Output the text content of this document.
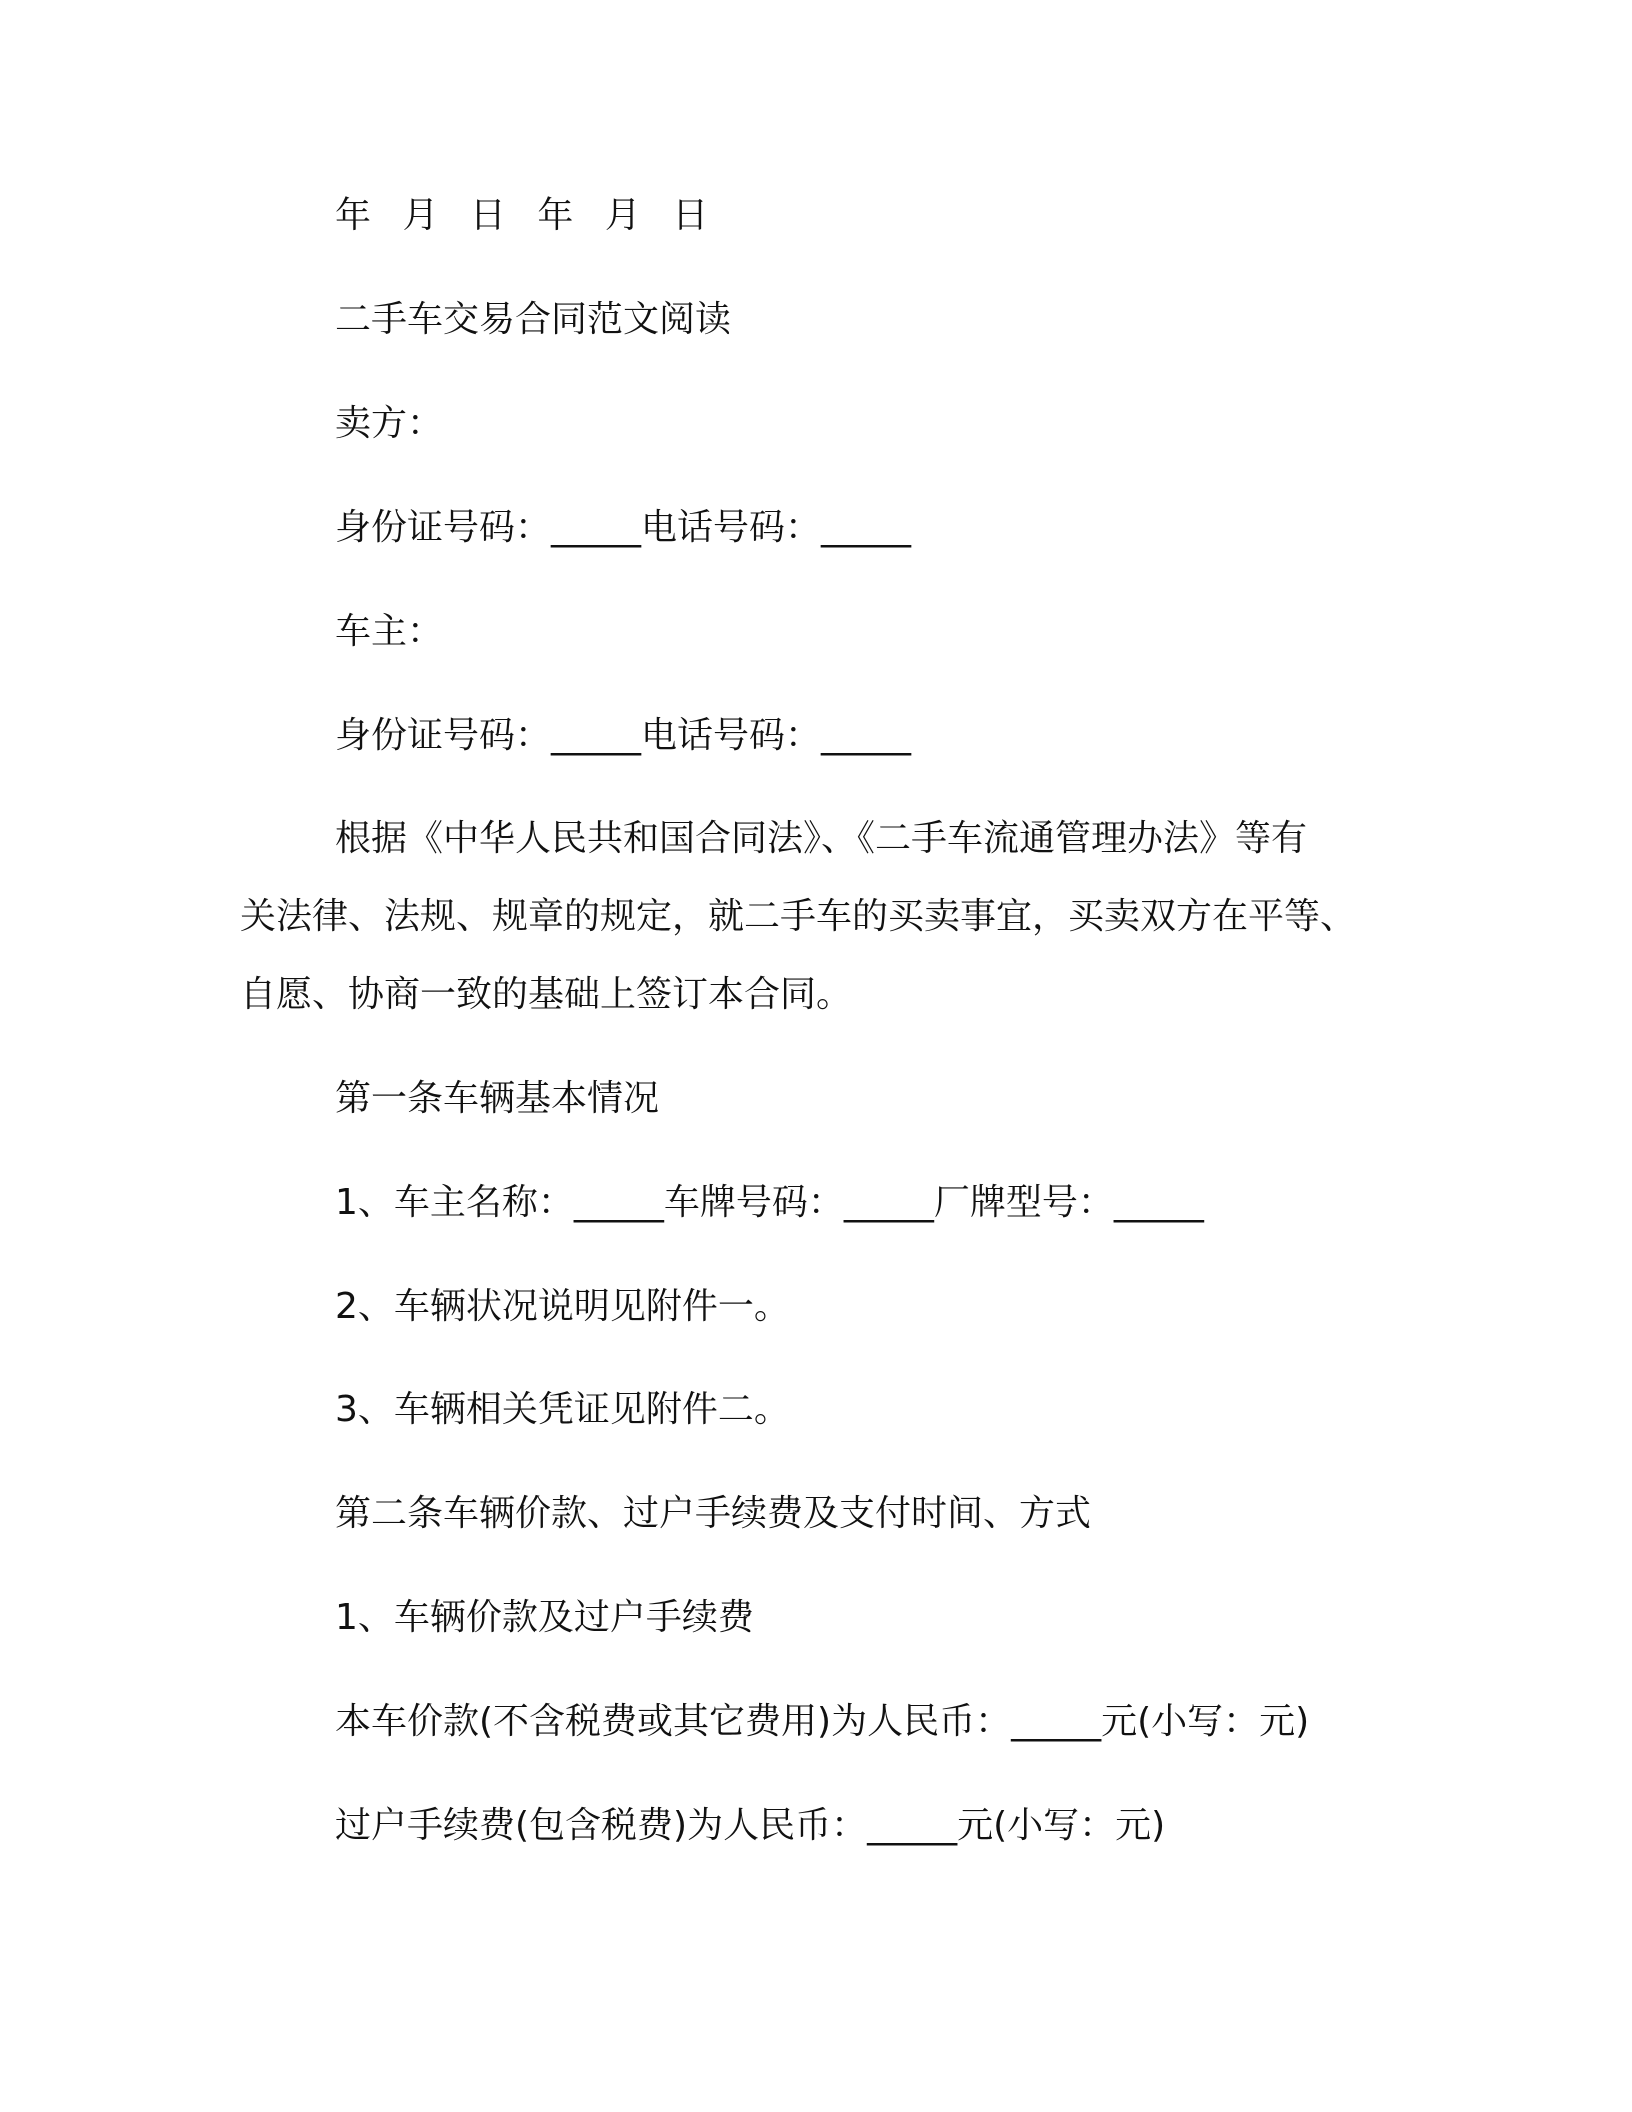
年 月 日 年 月 日

二手车交易合同范文阅读

卖方：

身份证号码：_____电话号码：_____

车主：

身份证号码：_____电话号码：_____

根据《中华人民共和国合同法》、《二手车流通管理办法》等有

关法律、法规、规章的规定，就二手车的买卖事宜，买卖双方在平等、

自愿、协商一致的基础上签订本合同。

第一条车辆基本情况

1、车主名称：_____车牌号码：_____厂牌型号：_____

2、车辆状况说明见附件一。

3、车辆相关凭证见附件二。

第二条车辆价款、过户手续费及支付时间、方式

1、车辆价款及过户手续费

本车价款(不含税费或其它费用)为人民币：_____元(小写：元)

过户手续费(包含税费)为人民币：_____元(小写：元)
